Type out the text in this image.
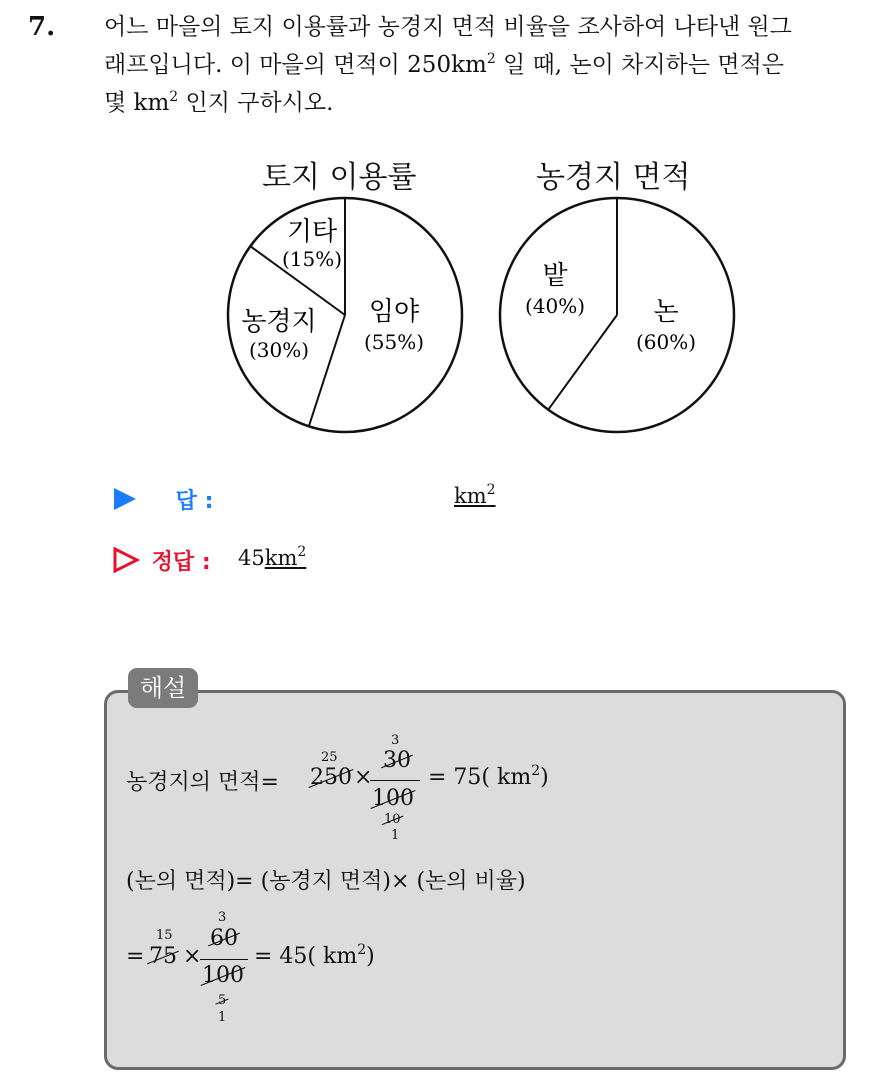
7. 어느 마을의 토지 이용률과 농경지 면적 비율을 조사하여 나타낸 원그

래프입니다. 이 마을의 면적이 $250km^2$ 일 때, 논이 차지하는 면적은

몇 $km^2$ 인지 구하시오.

토지 이용률	농경지 면적
기타
(15%)
농경지
(30%)
임야
(55%)
밭
(40%)	논
(60%)
답 :	$km^2$
정답 : $45km^2$
해설
농경지의 면적=
25
250 ×
3
30
100
10
1
= 75( $km^2$)
(논의 면적)= (농경지 면적)× (논의 비율)
=
15
75 ×
3
60
100
5
1
= 45( $km^2$)
